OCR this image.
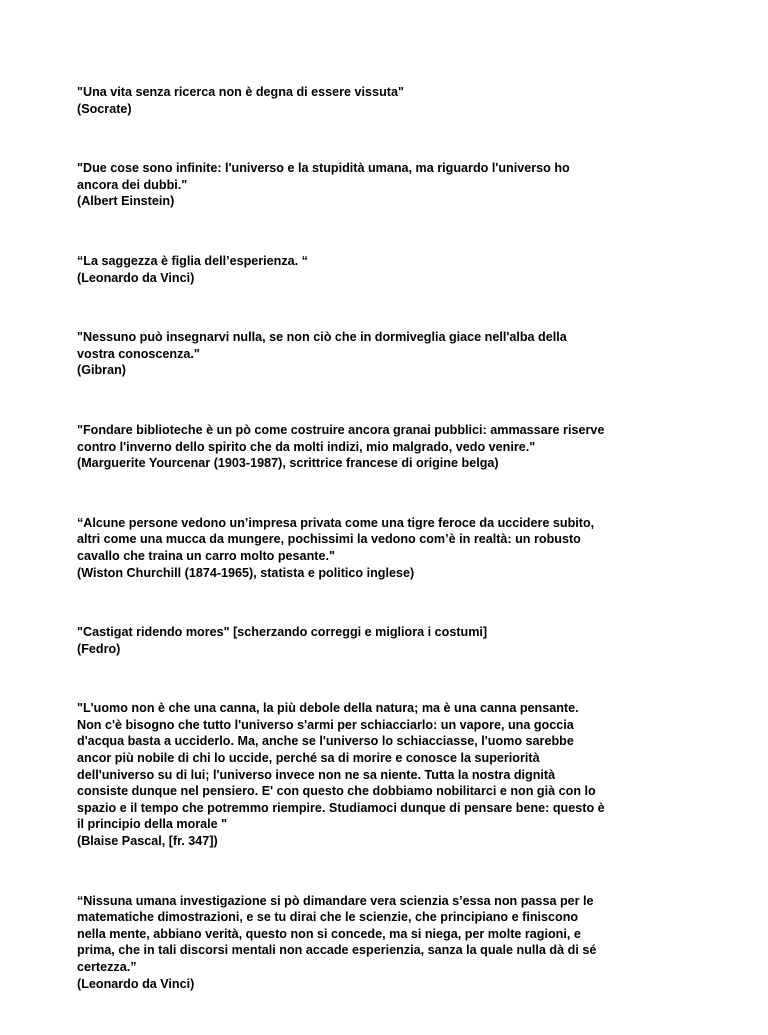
"Una vita senza ricerca non è degna di essere vissuta"
(Socrate)
"Due cose sono infinite: l'universo e la stupidità umana, ma riguardo l'universo ho
ancora dei dubbi."
(Albert Einstein)
“La saggezza è figlia dell’esperienza. “
(Leonardo da Vinci)
"Nessuno può insegnarvi nulla, se non ciò che in dormiveglia giace nell'alba della
vostra conoscenza."
(Gibran)
"Fondare biblioteche è un pò come costruire ancora granai pubblici: ammassare riserve
contro l'inverno dello spirito che da molti indizi, mio malgrado, vedo venire."
(Marguerite Yourcenar (1903-1987), scrittrice francese di origine belga)
“Alcune persone vedono un’impresa privata come una tigre feroce da uccidere subito,
altri come una mucca da mungere, pochissimi la vedono com’è in realtà: un robusto
cavallo che traina un carro molto pesante."
(Wiston Churchill (1874-1965), statista e politico inglese)
"Castigat ridendo mores" [scherzando correggi e migliora i costumi]
(Fedro)
"L'uomo non è che una canna, la più debole della natura; ma è una canna pensante.
Non c'è bisogno che tutto l'universo s'armi per schiacciarlo: un vapore, una goccia
d'acqua basta a ucciderlo. Ma, anche se l'universo lo schiacciasse, l'uomo sarebbe
ancor più nobile di chi lo uccide, perché sa di morire e conosce la superiorità
dell'universo su di lui; l'universo invece non ne sa niente. Tutta la nostra dignità
consiste dunque nel pensiero. E' con questo che dobbiamo nobilitarci e non già con lo
spazio e il tempo che potremmo riempire. Studiamoci dunque di pensare bene: questo è
il principio della morale "
(Blaise Pascal, [fr. 347])
“Nissuna umana investigazione si pò dimandare vera scienzia s’essa non passa per le
matematiche dimostrazioni, e se tu dirai che le scienzie, che principiano e finiscono
nella mente, abbiano verità, questo non si concede, ma si niega, per molte ragioni, e
prima, che in tali discorsi mentali non accade esperienzia, sanza la quale nulla dà di sé
certezza.”
(Leonardo da Vinci)
